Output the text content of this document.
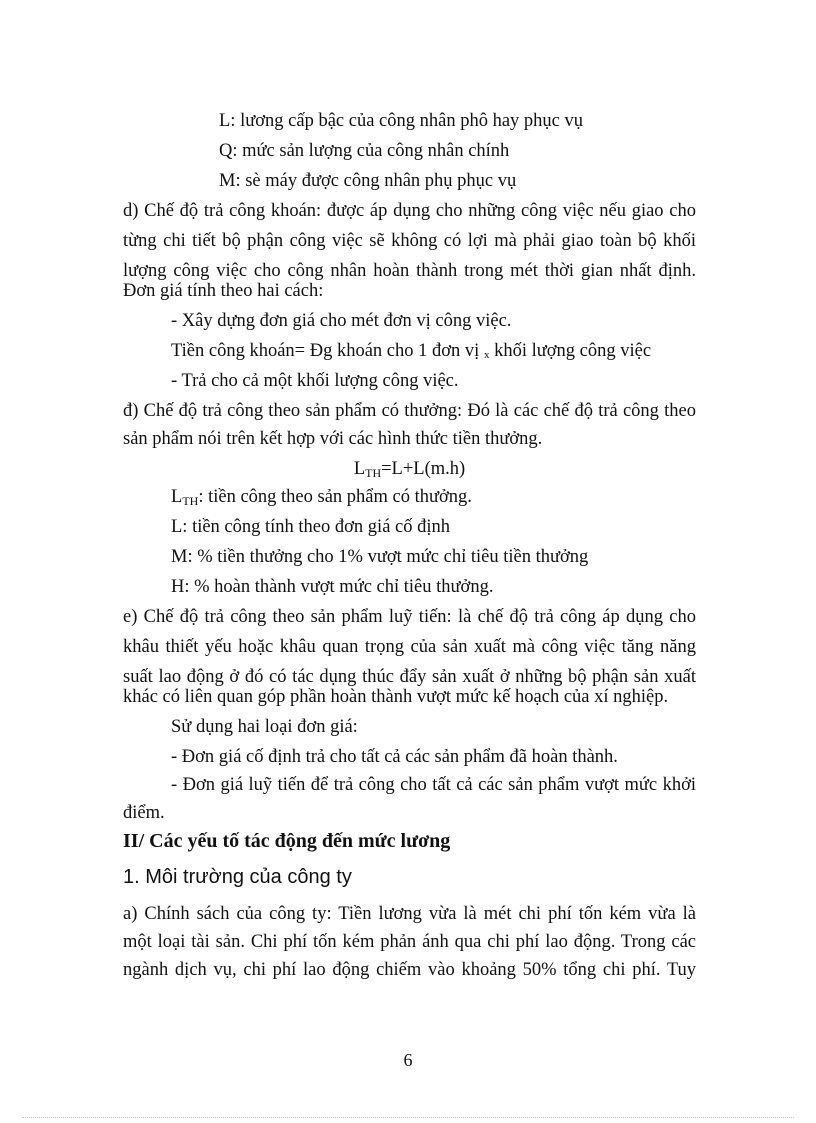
L: lương cấp bậc của công nhân phô hay phục vụ
Q: mức sản lượng của công nhân chính
M: sè máy được công nhân phụ phục vụ
d) Chế độ trả công khoán: được áp dụng cho những công việc nếu giao cho
từng chi tiết bộ phận công việc sẽ không có lợi mà phải giao toàn bộ khối
lượng công việc cho công nhân hoàn thành trong mét thời gian nhất định.
Đơn giá tính theo hai cách:
- Xây dựng đơn giá cho mét đơn vị công việc.
Tiền công khoán= Đg khoán cho 1 đơn vị x khối lượng công việc
- Trả cho cả một khối lượng công việc.
đ) Chế độ trả công theo sản phẩm có thưởng: Đó là các chế độ trả công theo
sản phẩm nói trên kết hợp với các hình thức tiền thưởng.
$L_{TH}=L+L(m.h)$
$L_{TH}$: tiền công theo sản phẩm có thưởng.
L: tiền công tính theo đơn giá cố định
M: % tiền thưởng cho 1% vượt mức chỉ tiêu tiền thưởng
H: % hoàn thành vượt mức chỉ tiêu thưởng.
e) Chế độ trả công theo sản phẩm luỹ tiến: là chế độ trả công áp dụng cho
khâu thiết yếu hoặc khâu quan trọng của sản xuất mà công việc tăng năng
suất lao động ở đó có tác dụng thúc đẩy sản xuất ở những bộ phận sản xuất
khác có liên quan góp phần hoàn thành vượt mức kế hoạch của xí nghiệp.
Sử dụng hai loại đơn giá:
- Đơn giá cố định trả cho tất cả các sản phẩm đã hoàn thành.
- Đơn giá luỹ tiến để trả công cho tất cả các sản phẩm vượt mức khởi
điểm.
II/ Các yếu tố tác động đến mức lương
1. Môi trường của công ty
a) Chính sách của công ty: Tiền lương vừa là mét chi phí tốn kém vừa là
một loại tài sản. Chi phí tốn kém phản ánh qua chi phí lao động. Trong các
ngành dịch vụ, chi phí lao động chiếm vào khoảng 50% tổng chi phí. Tuy
6
